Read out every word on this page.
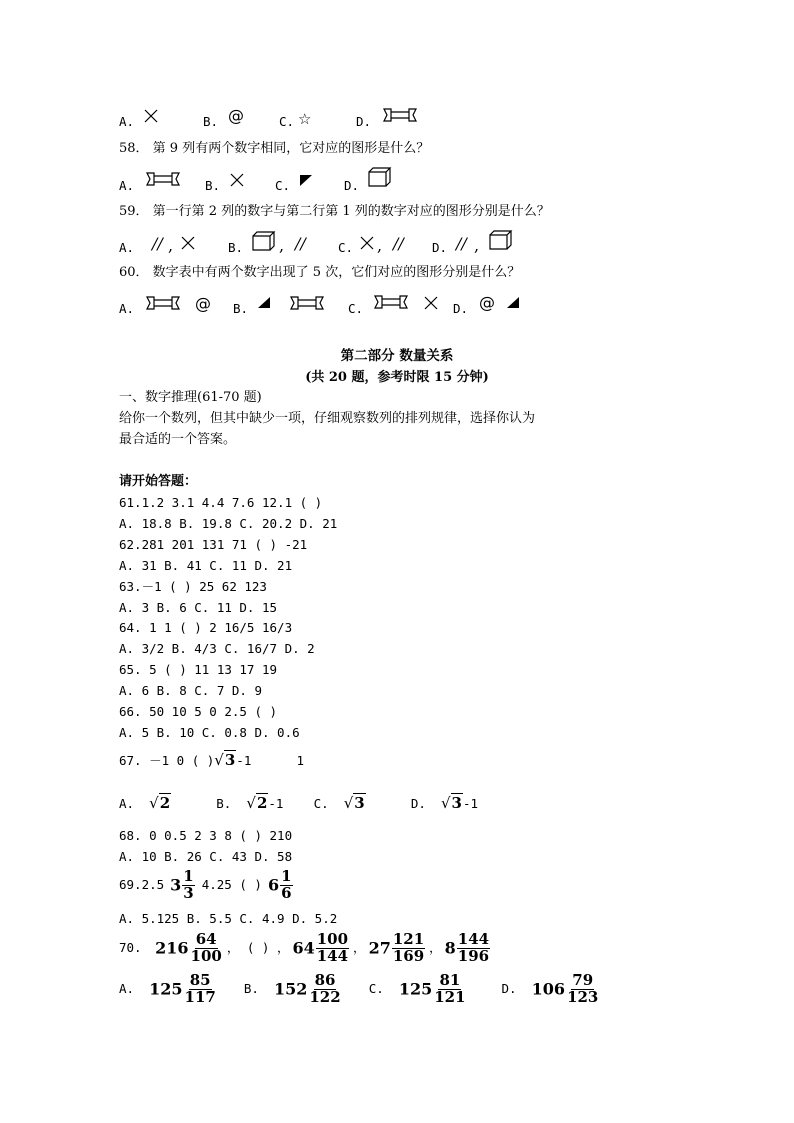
A.	B. @	C. ☆	D.
58． 第 9 列有两个数字相同，它对应的图形是什么？
A.	B.	C.	D.
59． 第一行第 2 列的数字与第二行第 1 列的数字对应的图形分别是什么？
A. // ,	B. , //	C. , // D. // ,
60． 数字表中有两个数字出现了 5 次，它们对应的图形分别是什么？
A.	@ B.	C.	D. @
第二部分 数量关系
(共 20 题，参考时限 15 分钟)
一、数字推理(61-70 题)
给你一个数列，但其中缺少一项，仔细观察数列的排列规律，选择你认为
最合适的一个答案。
请开始答题：
61.1.2 3.1 4.4 7.6 12.1 ( )
A. 18.8 B. 19.8 C. 20.2 D. 21
62.281 201 131 71 ( ) -21
A. 31 B. 41 C. 11 D. 21
63.－1 ( ) 25 62 123
A. 3 B. 6 C. 11 D. 15
64. 1 1 ( ) 2 16/5 16/3
A. 3/2 B. 4/3 C. 16/7 D. 2
65. 5 ( ) 11 13 17 19
A. 6 B. 8 C. 7 D. 9
66. 50 10 5 0 2.5 ( )
A. 5 B. 10 C. 0.8 D. 0.6
67. －1 0 ( )√3-1	1
A. √2	B. √2-1 C. √3	D. √3-1
68. 0 0.5 2 3 8 ( ) 210
A. 10 B. 26 C. 43 D. 58
69.2.5 $3 \frac{1}{3} 4.25$ ( ) $6 \frac{1}{6}$
A. 5.125 B. 5.5 C. 4.9 D. 5.2
70.
$216 \frac{64}{100}$ ， ( ) ， $64 \frac{100}{144}$ ， $27 \frac{121}{169}$ ， $8 \frac{144}{196}$
A.
$125 \frac{85}{117} B$.
$152 \frac{86}{122} C$.
$125 \frac{81}{121}$	D.
$106 \frac{79}{123}$
